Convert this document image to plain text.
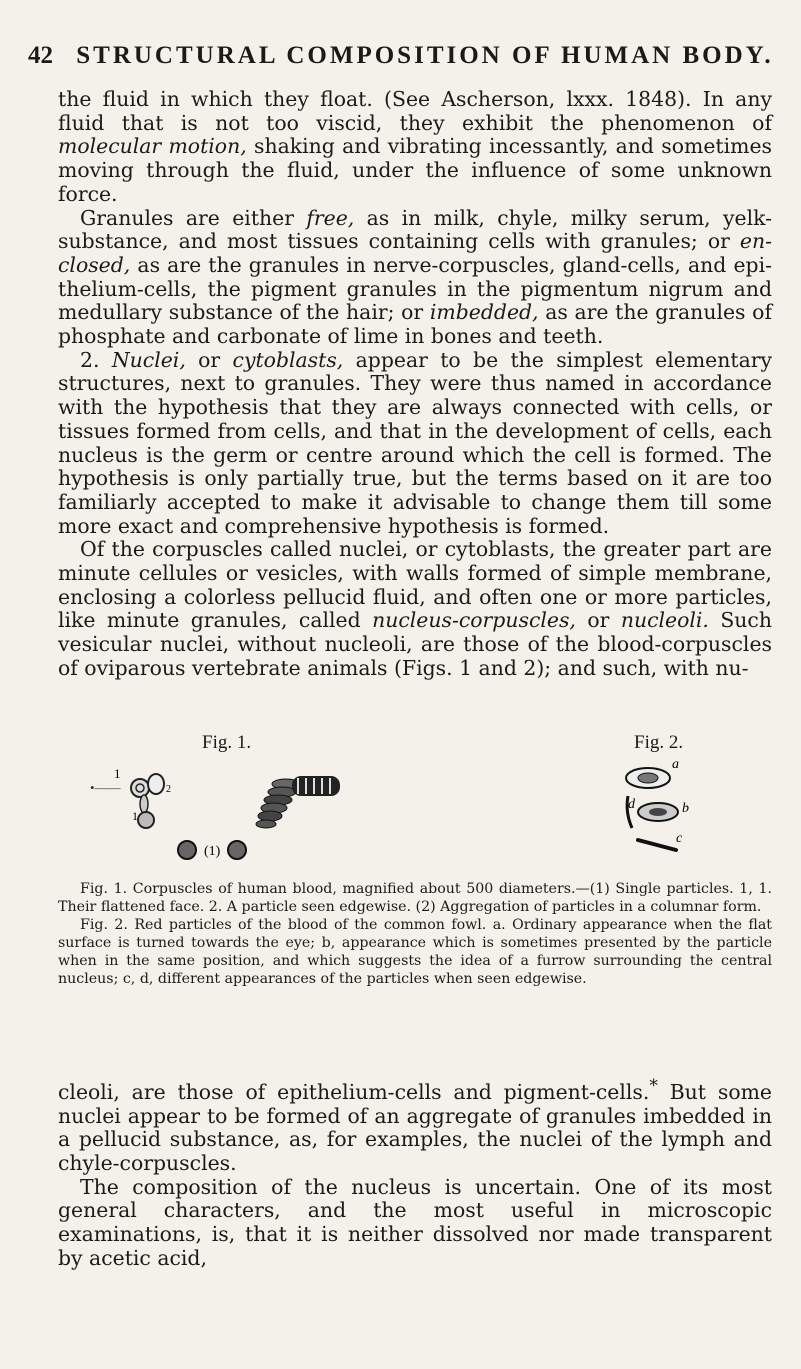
42 STRUCTURAL COMPOSITION OF HUMAN BODY.

the fluid in which they float. (See Ascherson, lxxx. 1848). In any fluid that is not too viscid, they exhibit the phenomenon of molecular motion, shaking and vibrating incessantly, and sometimes moving through the fluid, under the influence of some unknown force.

Granules are either free, as in milk, chyle, milky serum, yelk-substance, and most tissues containing cells with granules; or en-closed, as are the granules in nerve-corpuscles, gland-cells, and epi-thelium-cells, the pigment granules in the pigmentum nigrum and medullary substance of the hair; or imbedded, as are the granules of phosphate and carbonate of lime in bones and teeth.

2. Nuclei, or cytoblasts, appear to be the simplest elementary structures, next to granules. They were thus named in accordance with the hypothesis that they are always connected with cells, or tissues formed from cells, and that in the development of cells, each nucleus is the germ or centre around which the cell is formed. The hypothesis is only partially true, but the terms based on it are too familiarly accepted to make it advisable to change them till some more exact and comprehensive hypothesis is formed.

Of the corpuscles called nuclei, or cytoblasts, the greater part are minute cellules or vesicles, with walls formed of simple membrane, enclosing a colorless pellucid fluid, and often one or more particles, like minute granules, called nucleus-corpuscles, or nucleoli. Such vesicular nuclei, without nucleoli, are those of the blood-corpuscles of oviparous vertebrate animals (Figs. 1 and 2); and such, with nu-

Fig. 1.	Fig. 2.
1
•——	2
1
(1)
a
d	b
c

Fig. 1. Corpuscles of human blood, magnified about 500 diameters.—(1) Single particles. 1, 1. Their flattened face. 2. A particle seen edgewise. (2) Aggregation of particles in a columnar form.

Fig. 2. Red particles of the blood of the common fowl. a. Ordinary appearance when the flat surface is turned towards the eye; b, appearance which is sometimes presented by the particle when in the same position, and which suggests the idea of a furrow surrounding the central nucleus; c, d, different appearances of the particles when seen edgewise.

cleoli, are those of epithelium-cells and pigment-cells.* But some nuclei appear to be formed of an aggregate of granules imbedded in a pellucid substance, as, for examples, the nuclei of the lymph and chyle-corpuscles.

The composition of the nucleus is uncertain. One of its most general characters, and the most useful in microscopic examinations, is, that it is neither dissolved nor made transparent by acetic acid,
